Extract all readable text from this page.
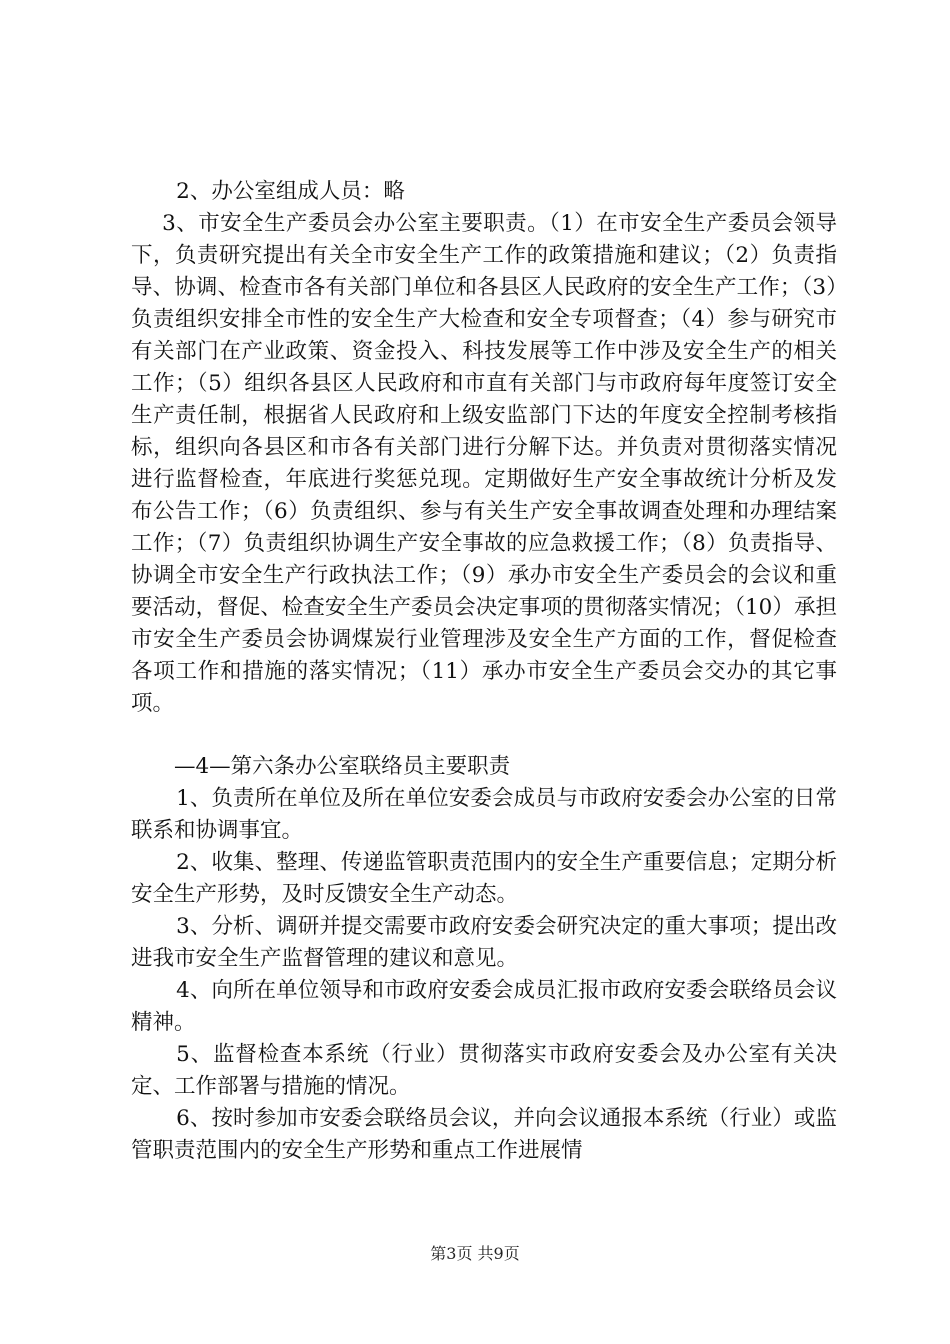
2、办公室组成人员：略

3、市安全生产委员会办公室主要职责。（1）在市安全生产委员会领导下，负责研究提出有关全市安全生产工作的政策措施和建议；（2）负责指导、协调、检查市各有关部门单位和各县区人民政府的安全生产工作；（3）负责组织安排全市性的安全生产大检查和安全专项督查；（4）参与研究市有关部门在产业政策、资金投入、科技发展等工作中涉及安全生产的相关工作；（5）组织各县区人民政府和市直有关部门与市政府每年度签订安全生产责任制，根据省人民政府和上级安监部门下达的年度安全控制考核指标，组织向各县区和市各有关部门进行分解下达。并负责对贯彻落实情况进行监督检查，年底进行奖惩兑现。定期做好生产安全事故统计分析及发布公告工作；（6）负责组织、参与有关生产安全事故调查处理和办理结案工作；（7）负责组织协调生产安全事故的应急救援工作；（8）负责指导、协调全市安全生产行政执法工作；（9）承办市安全生产委员会的会议和重要活动，督促、检查安全生产委员会决定事项的贯彻落实情况；（10）承担市安全生产委员会协调煤炭行业管理涉及安全生产方面的工作，督促检查各项工作和措施的落实情况；（11）承办市安全生产委员会交办的其它事项。

—4—第六条办公室联络员主要职责

1、负责所在单位及所在单位安委会成员与市政府安委会办公室的日常联系和协调事宜。

2、收集、整理、传递监管职责范围内的安全生产重要信息；定期分析安全生产形势，及时反馈安全生产动态。

3、分析、调研并提交需要市政府安委会研究决定的重大事项；提出改进我市安全生产监督管理的建议和意见。

4、向所在单位领导和市政府安委会成员汇报市政府安委会联络员会议精神。

5、监督检查本系统（行业）贯彻落实市政府安委会及办公室有关决定、工作部署与措施的情况。

6、按时参加市安委会联络员会议，并向会议通报本系统（行业）或监管职责范围内的安全生产形势和重点工作进展情

第3页 共9页
